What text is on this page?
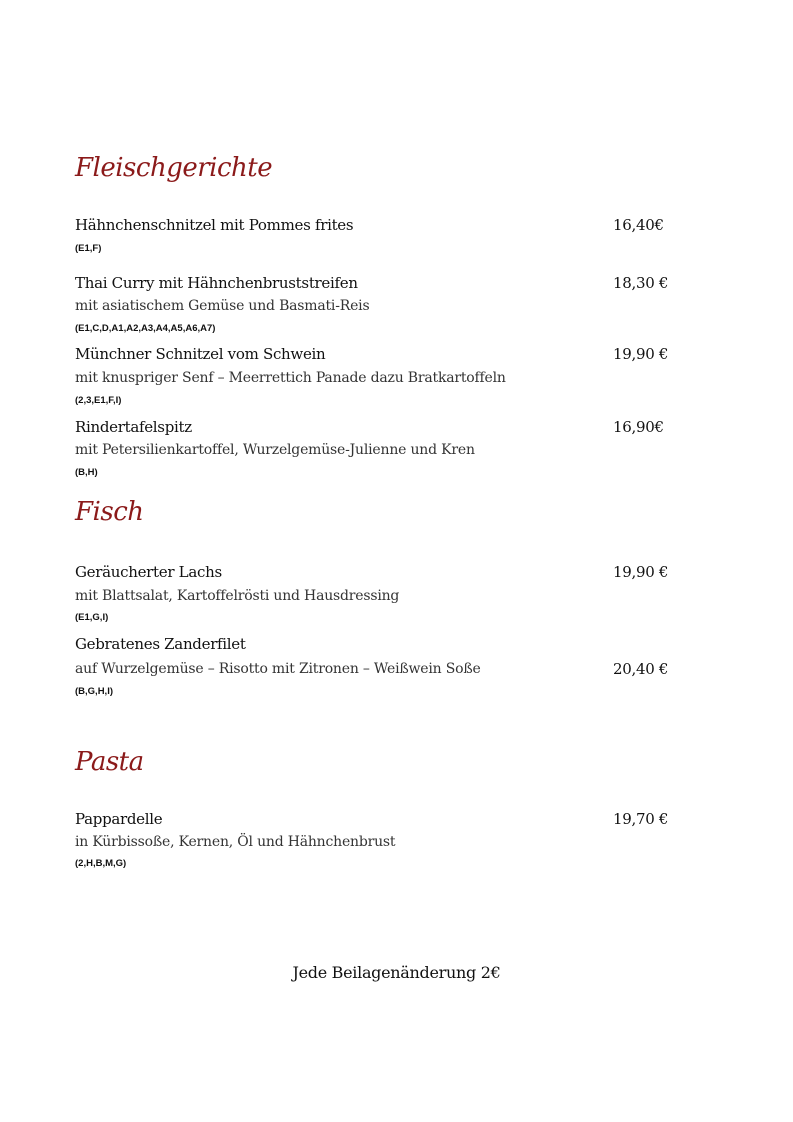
Fleischgerichte
Hähnchenschnitzel mit Pommes frites	16,40€
(E1,F)
Thai Curry mit Hähnchenbruststreifen	18,30 €
mit asiatischem Gemüse und Basmati-Reis
(E1,C,D,A1,A2,A3,A4,A5,A6,A7)
Münchner Schnitzel vom Schwein	19,90 €
mit knuspriger Senf – Meerrettich Panade dazu Bratkartoffeln
(2,3,E1,F,I)
Rindertafelspitz	16,90€
mit Petersilienkartoffel, Wurzelgemüse-Julienne und Kren
(B,H)
Fisch
Geräucherter Lachs	19,90 €
mit Blattsalat, Kartoffelrösti und Hausdressing
(E1,G,I)
Gebratenes Zanderfilet
auf Wurzelgemüse – Risotto mit Zitronen – Weißwein Soße	20,40 €
(B,G,H,I)
Pasta
Pappardelle	19,70 €
in Kürbissoße, Kernen, Öl und Hähnchenbrust
(2,H,B,M,G)
Jede Beilagenänderung 2€
